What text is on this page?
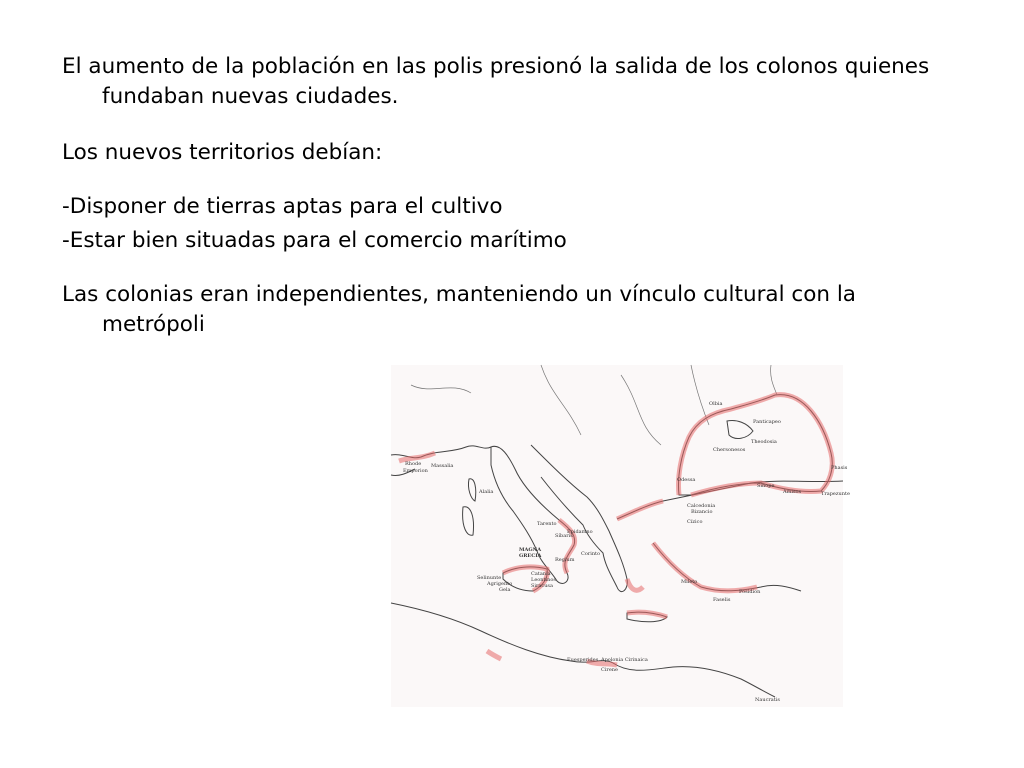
El aumento de la población en las polis presionó la salida de los colonos quienes fundaban nuevas ciudades.

Los nuevos territorios debían:

-Disponer de tierras aptas para el cultivo

-Estar bien situadas para el comercio marítimo

Las colonias eran independientes, manteniendo un vínculo cultural con la metrópoli

Rhode
Emporion
Massalia
Alalia
Olbia
Panticapeo
Theodosia
Chersonesos
Odessa
Sinope
Amisos	Trapezunte
Phasis
Calcedonia
Bizancio
Cízico
MAGNA
GRECIA
Epidamno
Corinto
Tarento
Síbaris
Regium
Selinunte
Agrigento
Gela
Catania
Leontinos
Siracusa
Mileto
Faselis
Posidion
Euesperides Apolonia Cirinaica
Cirene
Naucratis
